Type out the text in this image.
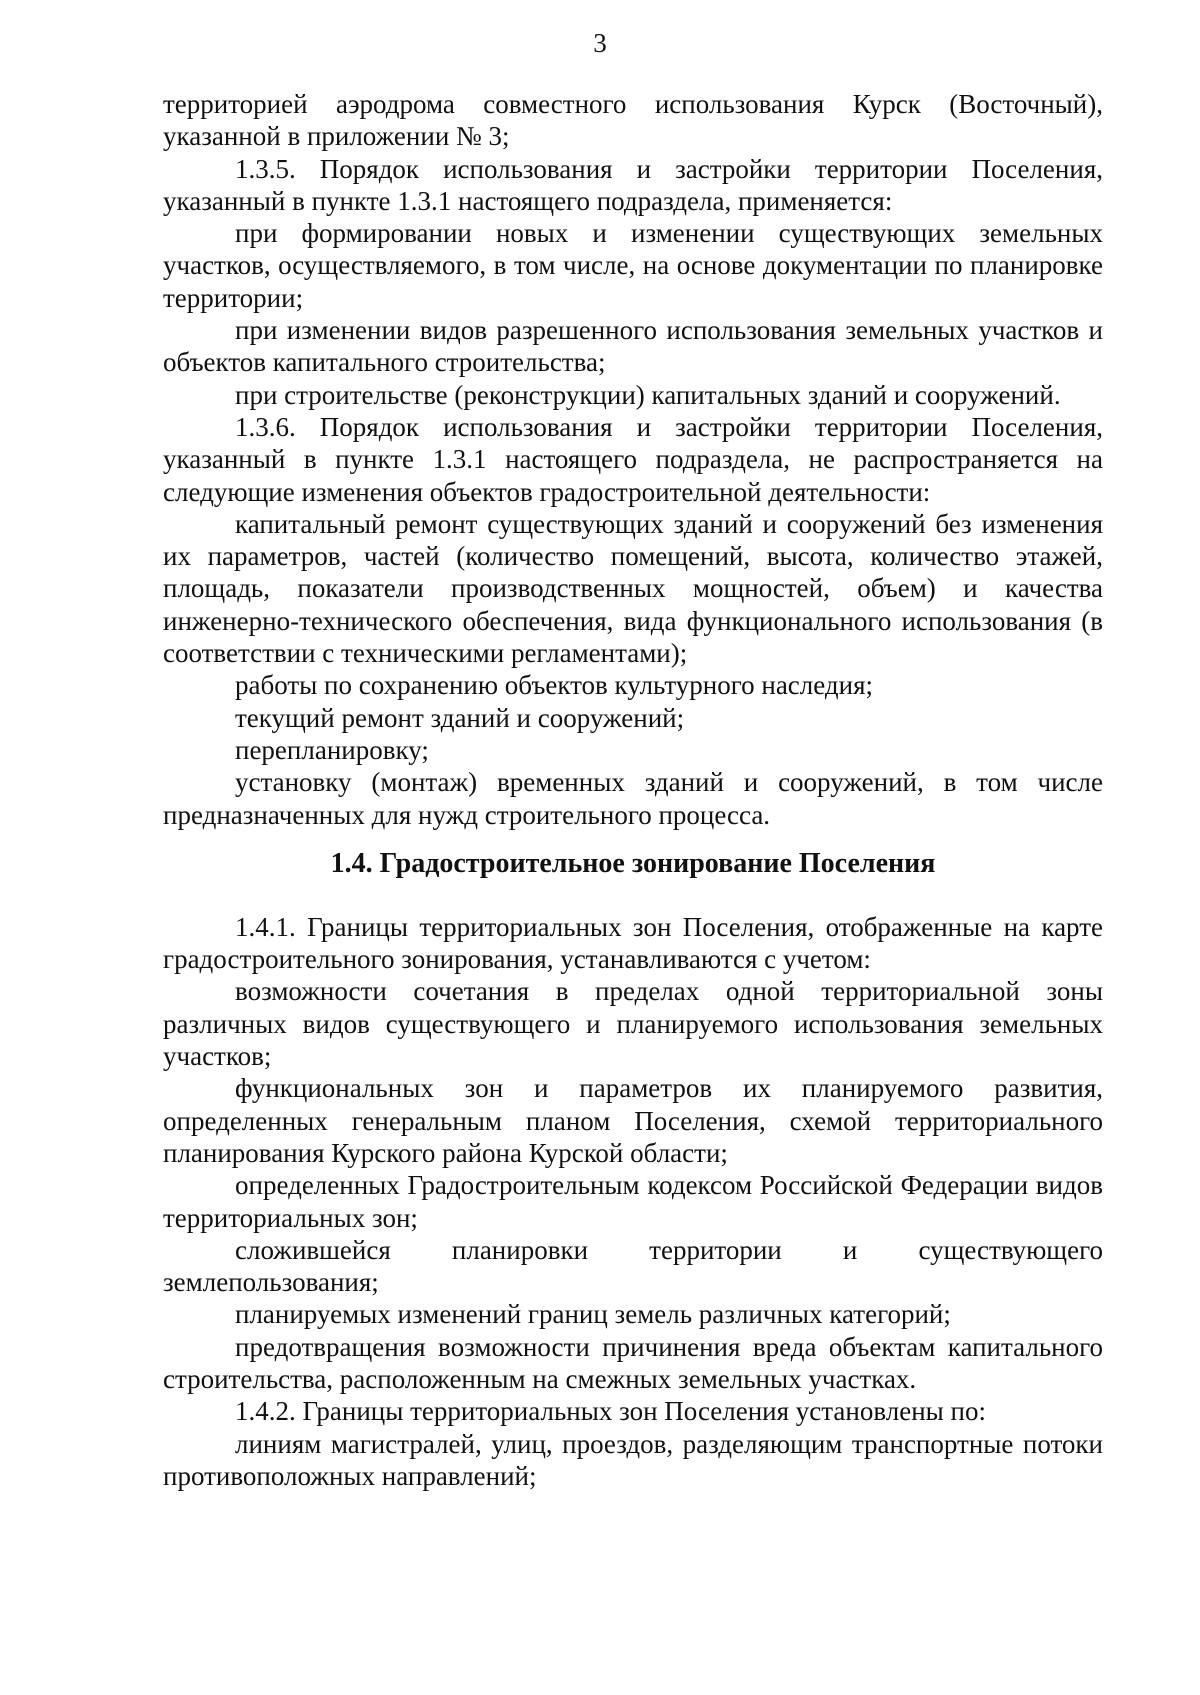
3

территорией аэродрома совместного использования Курск (Восточный), указанной в приложении № 3;

1.3.5. Порядок использования и застройки территории Поселения, указанный в пункте 1.3.1 настоящего подраздела, применяется:

при формировании новых и изменении существующих земельных участков, осуществляемого, в том числе, на основе документации по планировке территории;

при изменении видов разрешенного использования земельных участков и объектов капитального строительства;

при строительстве (реконструкции) капитальных зданий и сооружений.

1.3.6. Порядок использования и застройки территории Поселения, указанный в пункте 1.3.1 настоящего подраздела, не распространяется на следующие изменения объектов градостроительной деятельности:

капитальный ремонт существующих зданий и сооружений без изменения их параметров, частей (количество помещений, высота, количество этажей, площадь, показатели производственных мощностей, объем) и качества инженерно-технического обеспечения, вида функционального использования (в соответствии с техническими регламентами);

работы по сохранению объектов культурного наследия;

текущий ремонт зданий и сооружений;

перепланировку;

установку (монтаж) временных зданий и сооружений, в том числе предназначенных для нужд строительного процесса.

1.4. Градостроительное зонирование Поселения

1.4.1. Границы территориальных зон Поселения, отображенные на карте градостроительного зонирования, устанавливаются с учетом:

возможности сочетания в пределах одной территориальной зоны различных видов существующего и планируемого использования земельных участков;

функциональных зон и параметров их планируемого развития, определенных генеральным планом Поселения, схемой территориального планирования Курского района Курской области;

определенных Градостроительным кодексом Российской Федерации видов территориальных зон;

сложившейся планировки территории и существующего землепользования;

планируемых изменений границ земель различных категорий;

предотвращения возможности причинения вреда объектам капитального строительства, расположенным на смежных земельных участках.

1.4.2. Границы территориальных зон Поселения установлены по:

линиям магистралей, улиц, проездов, разделяющим транспортные потоки противоположных направлений;
